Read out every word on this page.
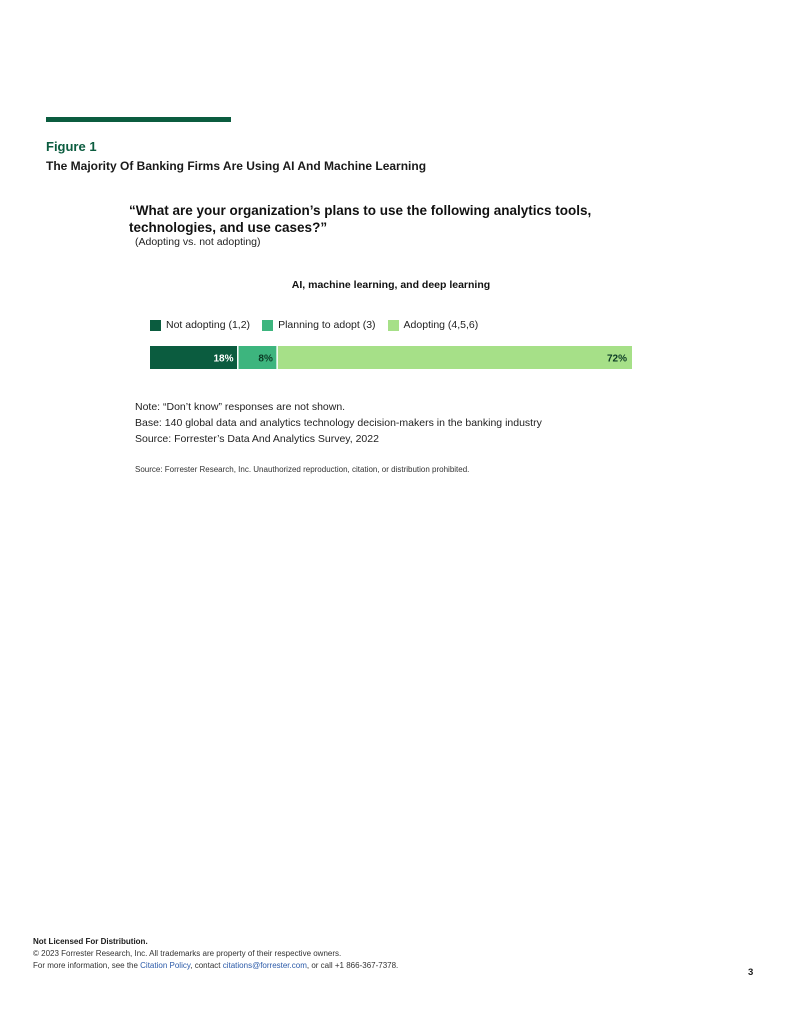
Figure 1
The Majority Of Banking Firms Are Using AI And Machine Learning
“What are your organization’s plans to use the following analytics tools, technologies, and use cases?”
(Adopting vs. not adopting)
AI, machine learning, and deep learning
Not adopting (1,2)	Planning to adopt (3)	Adopting (4,5,6)
18% 8%	72%
Note: “Don’t know” responses are not shown.
Base: 140 global data and analytics technology decision-makers in the banking industry
Source: Forrester’s Data And Analytics Survey, 2022
Source: Forrester Research, Inc. Unauthorized reproduction, citation, or distribution prohibited.
Not Licensed For Distribution.
© 2023 Forrester Research, Inc. All trademarks are property of their respective owners.
For more information, see the Citation Policy, contact citations@forrester.com, or call +1 866-367-7378.
3
